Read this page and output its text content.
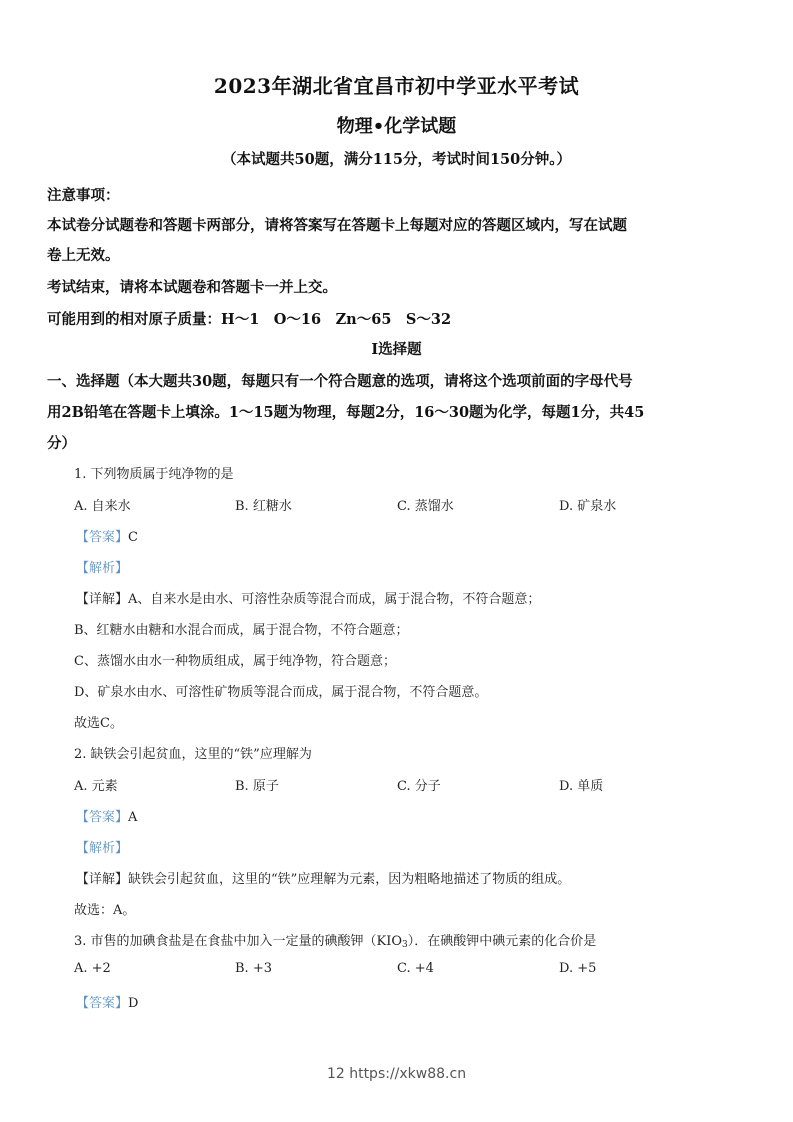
2023年湖北省宜昌市初中学亚水平考试
物理•化学试题
（本试题共50题，满分115分，考试时间150分钟。）
注意事项：
本试卷分试题卷和答题卡两部分，请将答案写在答题卡上每题对应的答题区域内，写在试题
卷上无效。
考试结束，请将本试题卷和答题卡一并上交。
可能用到的相对原子质量：H～1　O～16　Zn～65　S～32
Ⅰ选择题
一、选择题（本大题共30题，每题只有一个符合题意的选项，请将这个选项前面的字母代号
用2B铅笔在答题卡上填涂。1～15题为物理，每题2分，16～30题为化学，每题1分，共45
分）
1. 下列物质属于纯净物的是
A. 自来水	B. 红糖水	C. 蒸馏水	D. 矿泉水
【答案】C
【解析】
【详解】A、自来水是由水、可溶性杂质等混合而成，属于混合物，不符合题意；
B、红糖水由糖和水混合而成，属于混合物，不符合题意；
C、蒸馏水由水一种物质组成，属于纯净物，符合题意；
D、矿泉水由水、可溶性矿物质等混合而成，属于混合物，不符合题意。
故选C。
2. 缺铁会引起贫血，这里的“铁”应理解为
A. 元素	B. 原子	C. 分子	D. 单质
【答案】A
【解析】
【详解】缺铁会引起贫血，这里的“铁”应理解为元素，因为粗略地描述了物质的组成。
故选：A。
3. 市售的加碘食盐是在食盐中加入一定量的碘酸钾$(KIO_3)$．在碘酸钾中碘元素的化合价是
A. +2	B. +3	C. +4	D. +5
【答案】D
12 https://xkw88.cn
